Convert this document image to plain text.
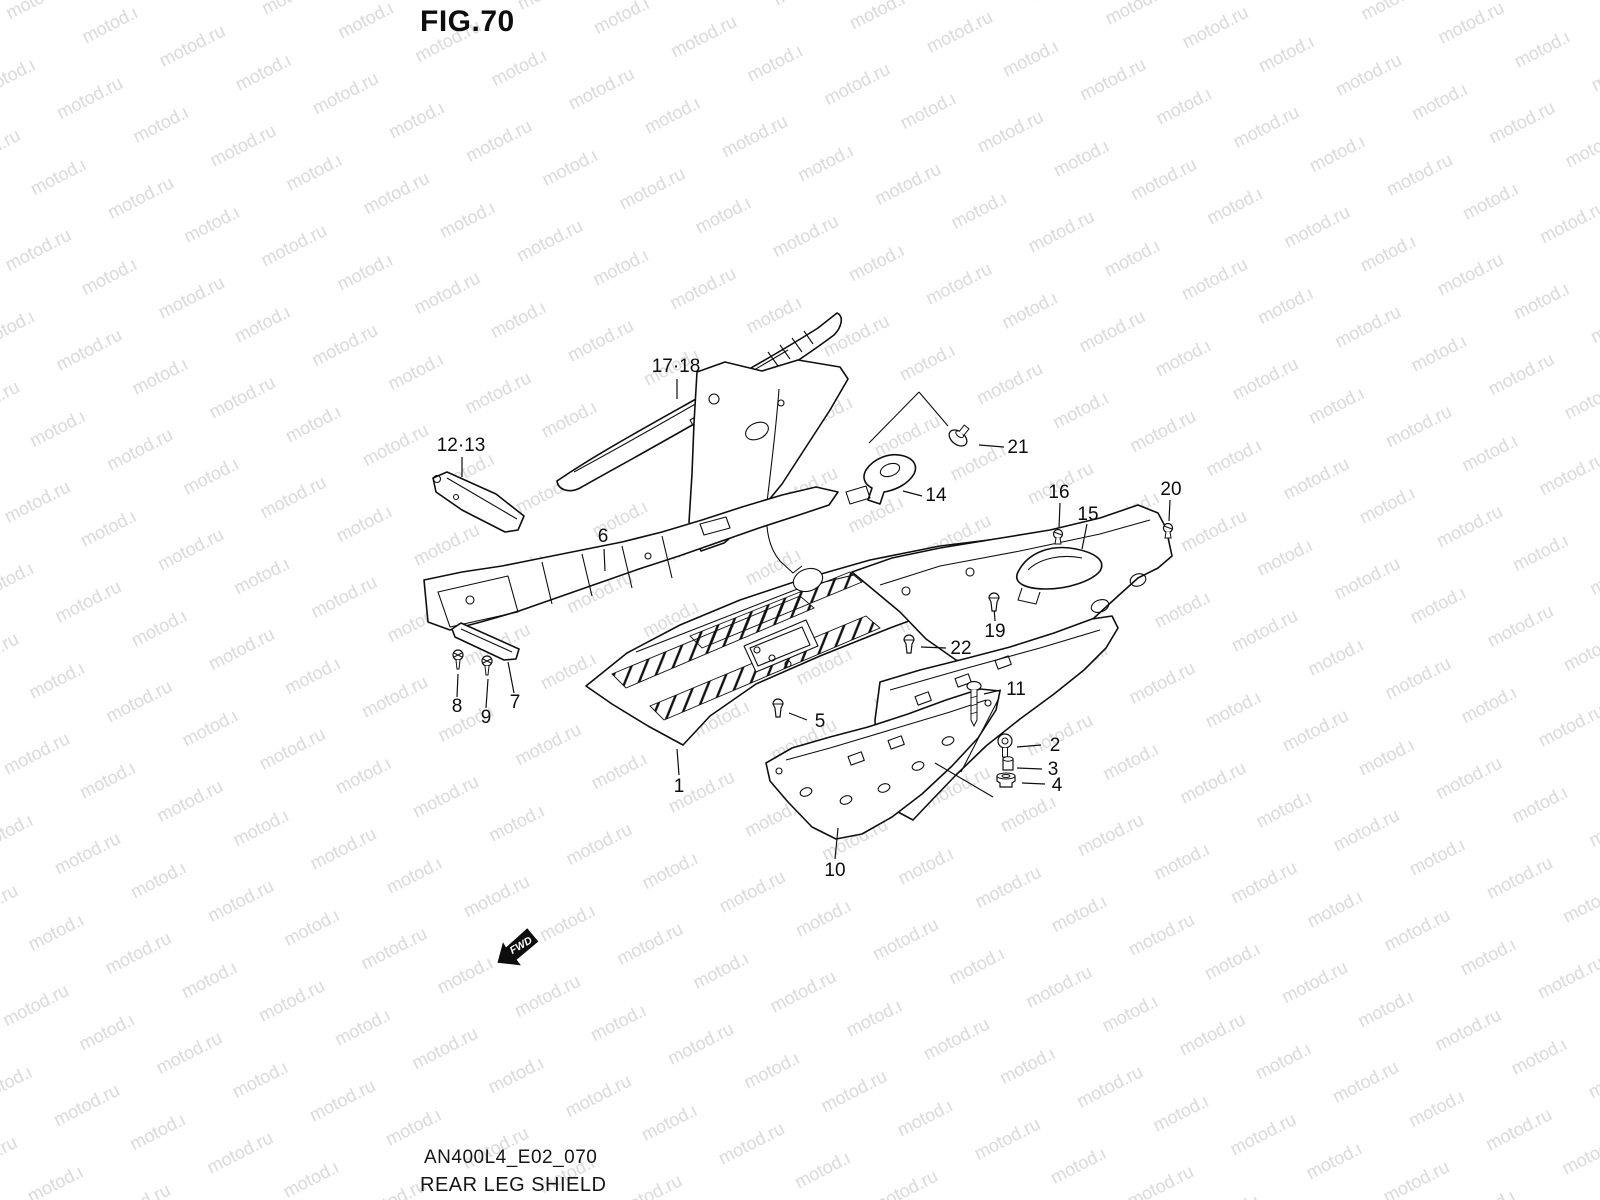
1
2
3
4
5
6
7
8
9
10
11
12·13
14
15
16
17·18
19
20
21
22
FWD
FIG.70
AN400L4_E02_070
REAR LEG SHIELD
